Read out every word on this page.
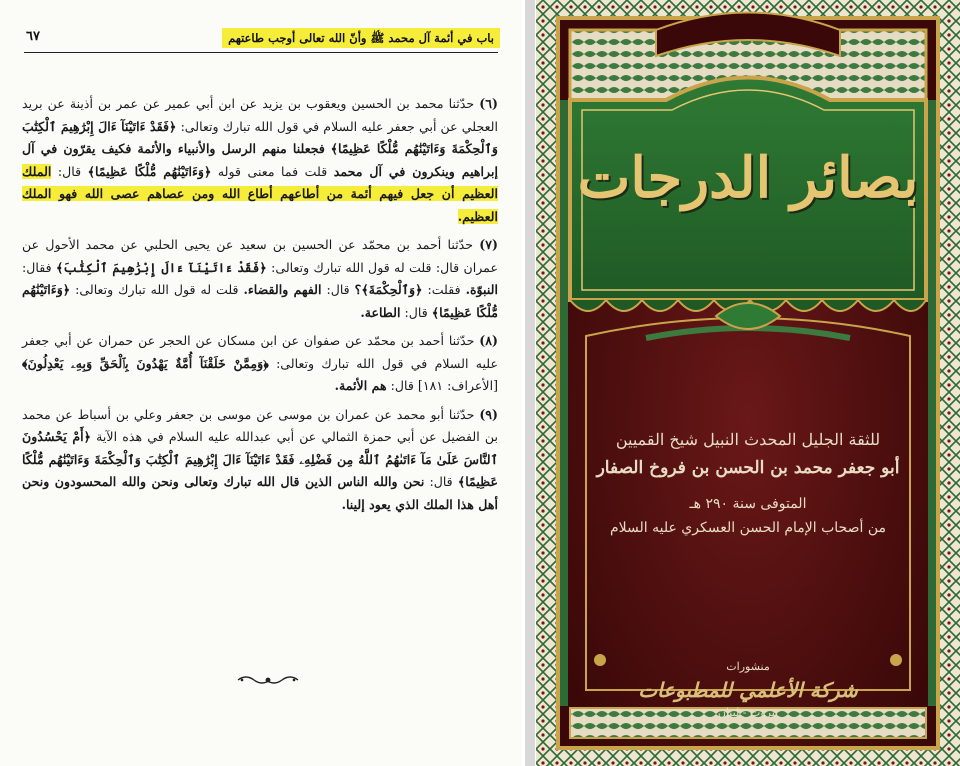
باب في أئمة آل محمد ﷺ وأنّ الله تعالى أوجب طاعتهم
٦٧

(٦) حدّثنا محمد بن الحسين ويعقوب بن يزيد عن ابن أبي عمير عن عمر بن أذينة عن بريد العجلي عن أبي جعفر عليه السلام في قول الله تبارك وتعالى: ﴿فَقَدْ ءَاتَيْنَآ ءَالَ إِبْرَٰهِيمَ ٱلْكِتَٰبَ وَٱلْحِكْمَةَ وَءَاتَيْنَٰهُم مُّلْكًا عَظِيمًا﴾ فجعلنا منهم الرسل والأنبياء والأئمة فكيف يقرّون في آل إبراهيم وينكرون في آل محمد قلت فما معنى قوله ﴿وَءَاتَيْنَٰهُم مُّلْكًا عَظِيمًا﴾ قال: الملك العظيم أن جعل فيهم أئمة من أطاعهم أطاع الله ومن عصاهم عصى الله فهو الملك العظيم.

(٧) حدّثنا أحمد بن محمّد عن الحسين بن سعيد عن يحيى الحلبي عن محمد الأحول عن عمران قال: قلت له قول الله تبارك وتعالى: ﴿فَقَدْ ءَاتَيْنَآ ءَالَ إِبْرَٰهِيمَ ٱلْكِتَٰبَ﴾ فقال: النبوّة. فقلت: ﴿وَٱلْحِكْمَةَ﴾؟ قال: الفهم والقضاء. قلت له قول الله تبارك وتعالى: ﴿وَءَاتَيْنَٰهُم مُّلْكًا عَظِيمًا﴾ قال: الطاعة.

(٨) حدّثنا أحمد بن محمّد عن صفوان عن ابن مسكان عن الحجر عن حمران عن أبي جعفر عليه السلام في قول الله تبارك وتعالى: ﴿وَمِمَّنْ خَلَقْنَآ أُمَّةٌ يَهْدُونَ بِٱلْحَقِّ وَبِهِۦ يَعْدِلُونَ﴾ [الأعراف: ١٨١] قال: هم الأئمة.

(٩) حدّثنا أبو محمد عن عمران بن موسى عن موسى بن جعفر وعلي بن أسباط عن محمد بن الفضيل عن أبي حمزة الثمالي عن أبي عبدالله عليه السلام في هذه الآية ﴿أَمْ يَحْسُدُونَ ٱلنَّاسَ عَلَىٰ مَآ ءَاتَىٰهُمُ ٱللَّهُ مِن فَضْلِهِۦ فَقَدْ ءَاتَيْنَآ ءَالَ إِبْرَٰهِيمَ ٱلْكِتَٰبَ وَٱلْحِكْمَةَ وَءَاتَيْنَٰهُم مُّلْكًا عَظِيمًا﴾ قال: نحن والله الناس الذين قال الله تبارك وتعالى ونحن والله المحسودون ونحن أهل هذا الملك الذي يعود إلينا.

بصائر الدرجات
للثقة الجليل المحدث النبيل شيخ القميين
أبو جعفر محمد بن الحسن بن فروخ الصفار
المتوفى سنة ٢٩٠ هـ
من أصحاب الإمام الحسن العسكري عليه السلام
منشورات
شركة الأعلمي للمطبوعات
بيروت - لبنان
